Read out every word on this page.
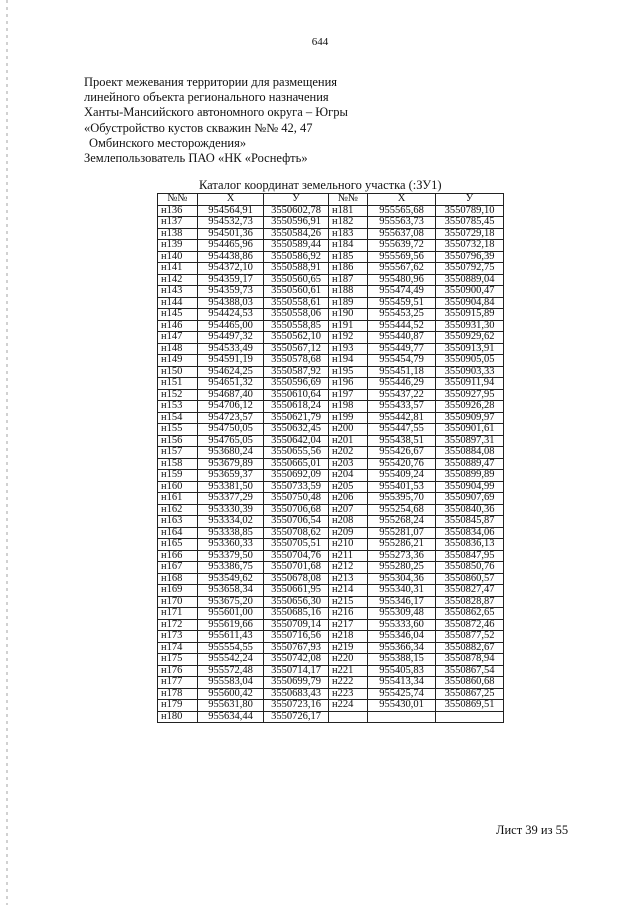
644
Проект межевания территории для размещения
линейного объекта регионального назначения
Ханты-Мансийского автономного округа – Югры
«Обустройство кустов скважин №№ 42, 47
Омбинского месторождения»
Землепользователь ПАО «НК «Роснефть»
Каталог координат земельного участка (:ЗУ1)
№№	X	У	№№	X	У
н136	954564,91	3550602,78	н181	955565,68	3550789,10
н137	954532,73	3550596,91	н182	955563,73	3550785,45
н138	954501,36	3550584,26	н183	955637,08	3550729,18
н139	954465,96	3550589,44	н184	955639,72	3550732,18
н140	954438,86	3550586,92	н185	955569,56	3550796,39
н141	954372,10	3550588,91	н186	955567,62	3550792,75
н142	954359,17	3550560,65	н187	955480,96	3550889,04
н143	954359,73	3550560,61	н188	955474,49	3550900,47
н144	954388,03	3550558,61	н189	955459,51	3550904,84
н145	954424,53	3550558,06	н190	955453,25	3550915,89
н146	954465,00	3550558,85	н191	955444,52	3550931,30
н147	954497,32	3550562,10	н192	955440,87	3550929,62
н148	954533,49	3550567,12	н193	955449,77	3550913,91
н149	954591,19	3550578,68	н194	955454,79	3550905,05
н150	954624,25	3550587,92	н195	955451,18	3550903,33
н151	954651,32	3550596,69	н196	955446,29	3550911,94
н152	954687,40	3550610,64	н197	955437,22	3550927,95
н153	954706,12	3550618,24	н198	955433,57	3550926,28
н154	954723,57	3550621,79	н199	955442,81	3550909,97
н155	954750,05	3550632,45	н200	955447,55	3550901,61
н156	954765,05	3550642,04	н201	955438,51	3550897,31
н157	953680,24	3550655,56	н202	955426,67	3550884,08
н158	953679,89	3550665,01	н203	955420,76	3550889,47
н159	953659,37	3550692,09	н204	955409,24	3550899,89
н160	953381,50	3550733,59	н205	955401,53	3550904,99
н161	953377,29	3550750,48	н206	955395,70	3550907,69
н162	953330,39	3550706,68	н207	955254,68	3550840,36
н163	953334,02	3550706,54	н208	955268,24	3550845,87
н164	953338,85	3550708,62	н209	955281,07	3550834,06
н165	953360,33	3550705,51	н210	955286,21	3550836,13
н166	953379,50	3550704,76	н211	955273,36	3550847,95
н167	953386,75	3550701,68	н212	955280,25	3550850,76
н168	953549,62	3550678,08	н213	955304,36	3550860,57
н169	953658,34	3550661,95	н214	955340,31	3550827,47
н170	953675,20	3550656,30	н215	955346,17	3550828,87
н171	955601,00	3550685,16	н216	955309,48	3550862,65
н172	955619,66	3550709,14	н217	955333,60	3550872,46
н173	955611,43	3550716,56	н218	955346,04	3550877,52
н174	955554,55	3550767,93	н219	955366,34	3550882,67
н175	955542,24	3550742,08	н220	955388,15	3550878,94
н176	955572,48	3550714,17	н221	955405,83	3550867,54
н177	955583,04	3550699,79	н222	955413,34	3550860,68
н178	955600,42	3550683,43	н223	955425,74	3550867,25
н179	955631,80	3550723,16	н224	955430,01	3550869,51
н180	955634,44	3550726,17			
Лист 39 из 55
